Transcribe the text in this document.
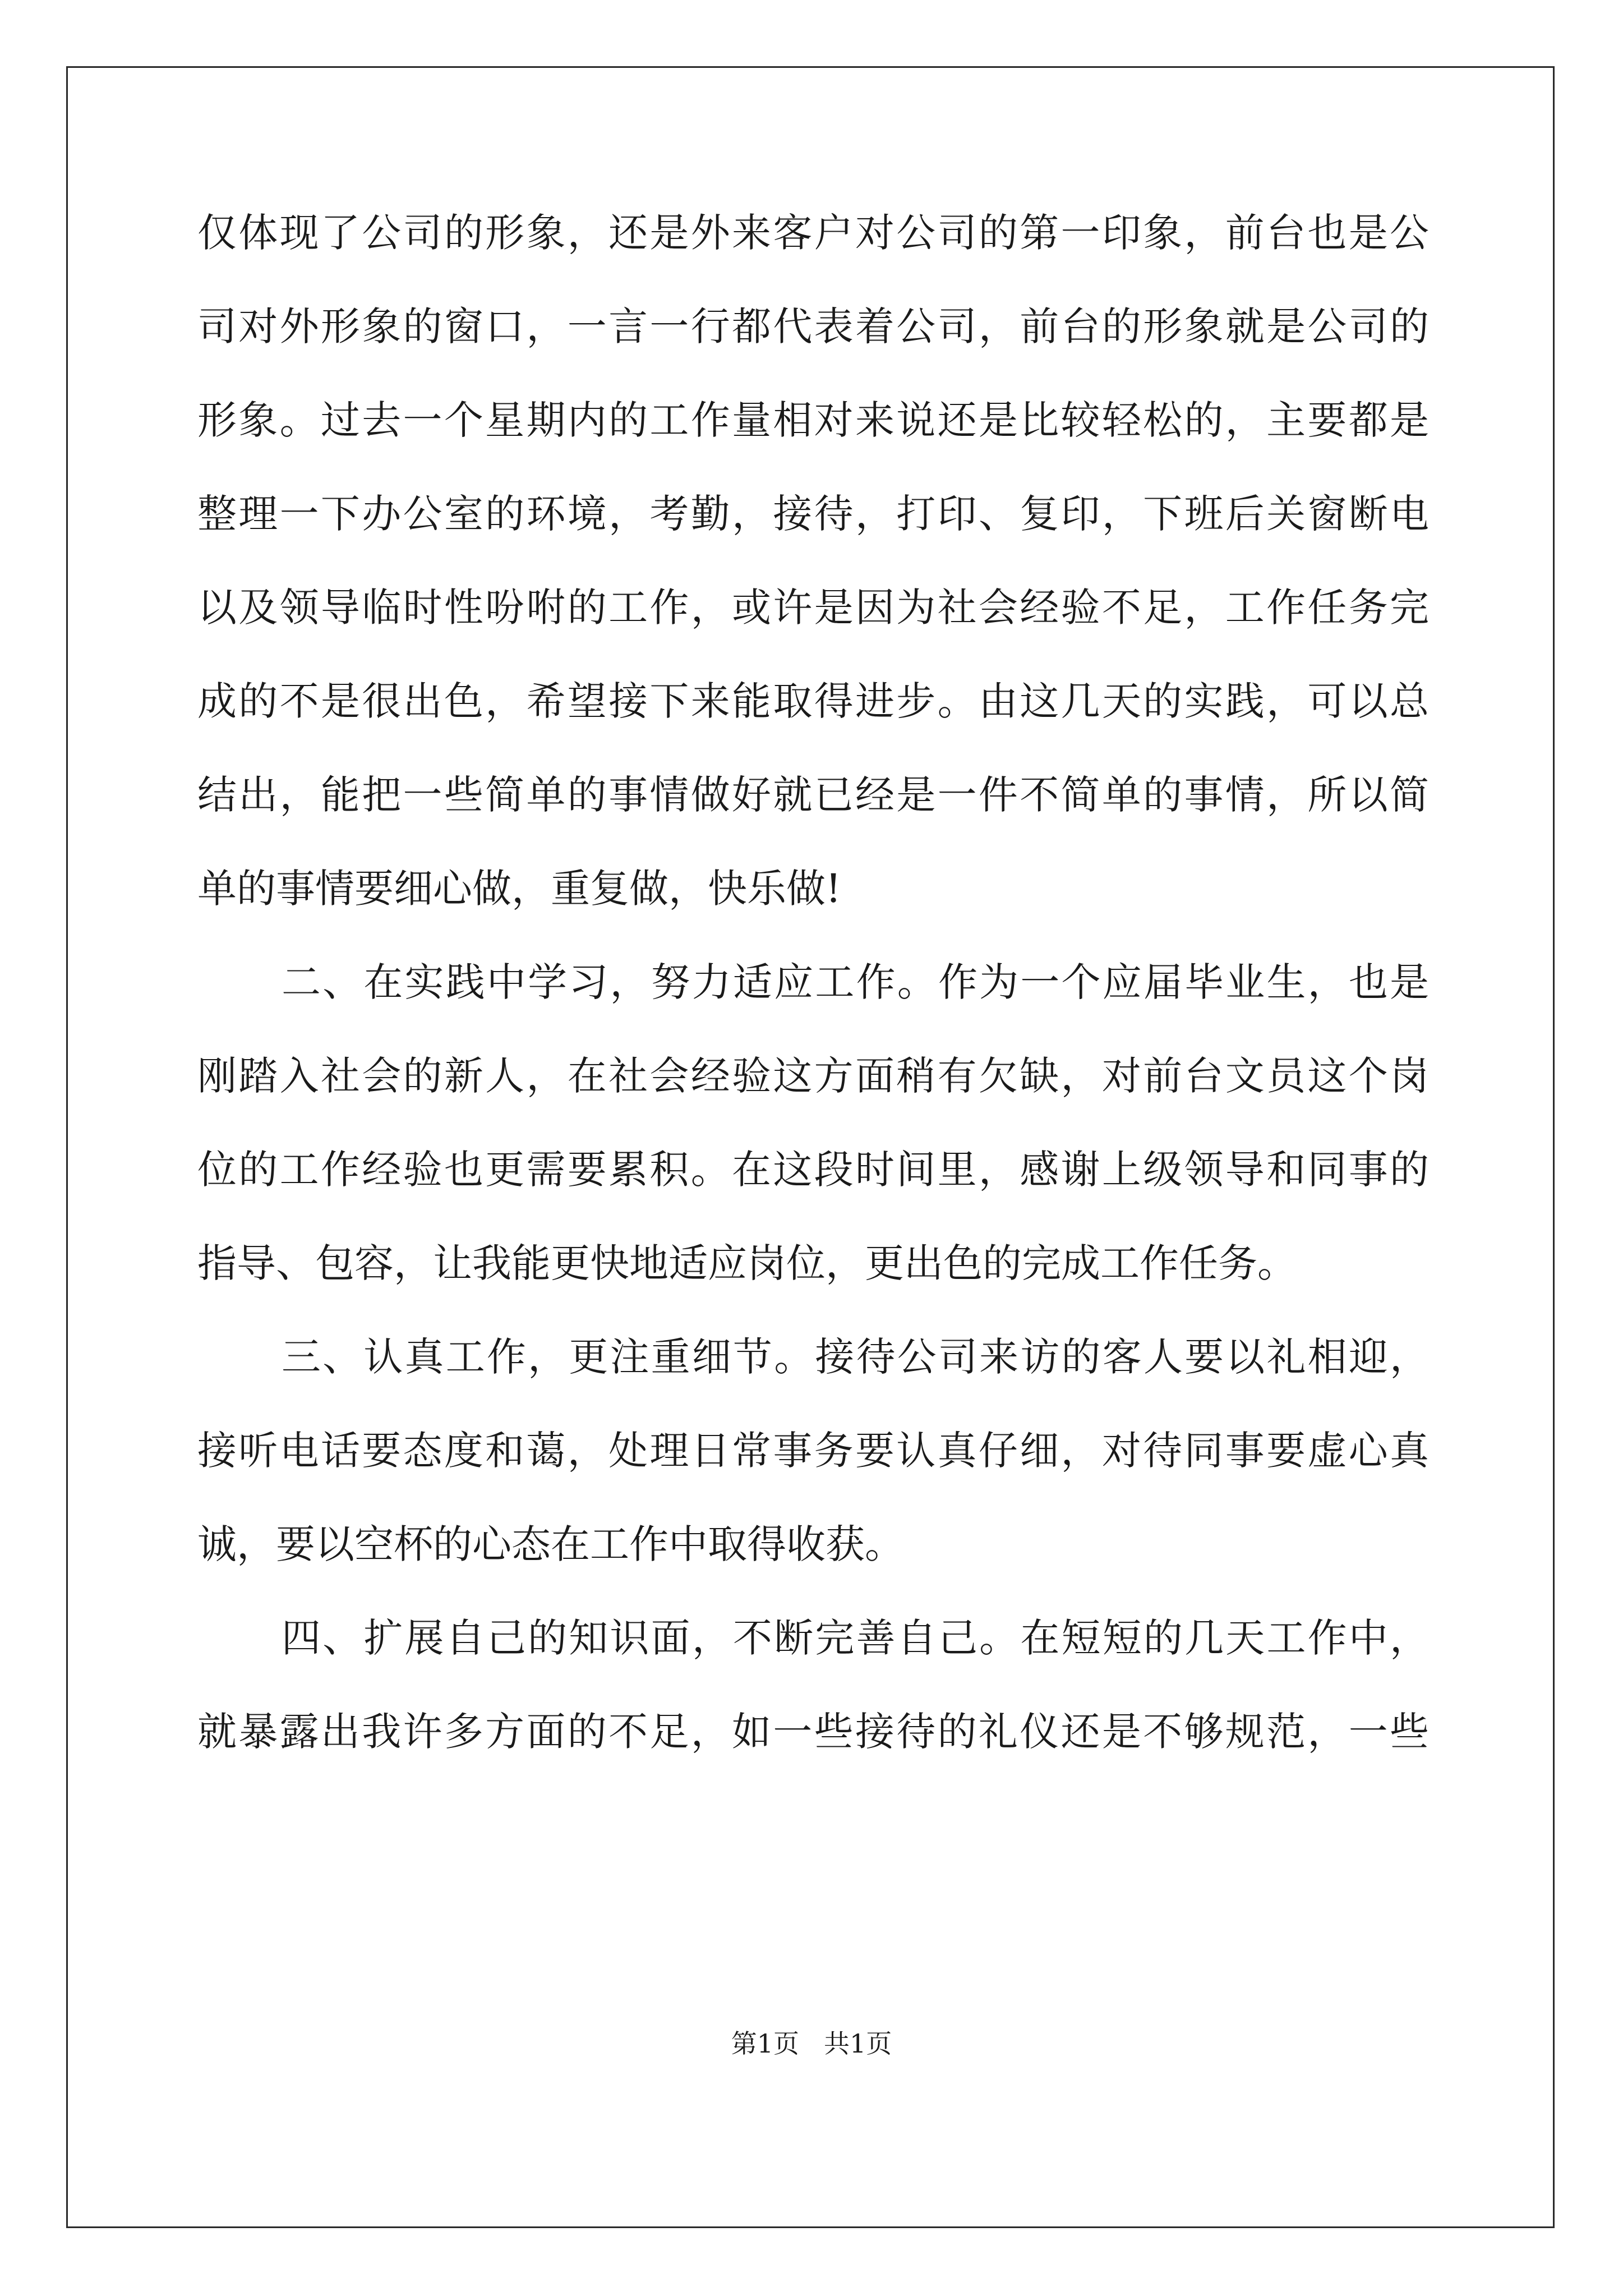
仅体现了公司的形象，还是外来客户对公司的第一印象，前台也是公
司对外形象的窗口，一言一行都代表着公司，前台的形象就是公司的
形象。过去一个星期内的工作量相对来说还是比较轻松的，主要都是
整理一下办公室的环境，考勤，接待，打印、复印，下班后关窗断电
以及领导临时性吩咐的工作，或许是因为社会经验不足，工作任务完
成的不是很出色，希望接下来能取得进步。由这几天的实践，可以总
结出，能把一些简单的事情做好就已经是一件不简单的事情，所以简
单的事情要细心做，重复做，快乐做!
二、在实践中学习，努力适应工作。作为一个应届毕业生，也是
刚踏入社会的新人，在社会经验这方面稍有欠缺，对前台文员这个岗
位的工作经验也更需要累积。在这段时间里，感谢上级领导和同事的
指导、包容，让我能更快地适应岗位，更出色的完成工作任务。
三、认真工作，更注重细节。接待公司来访的客人要以礼相迎，
接听电话要态度和蔼，处理日常事务要认真仔细，对待同事要虚心真
诚，要以空杯的心态在工作中取得收获。
四、扩展自己的知识面，不断完善自己。在短短的几天工作中，
就暴露出我许多方面的不足，如一些接待的礼仪还是不够规范，一些
第1页 共1页
